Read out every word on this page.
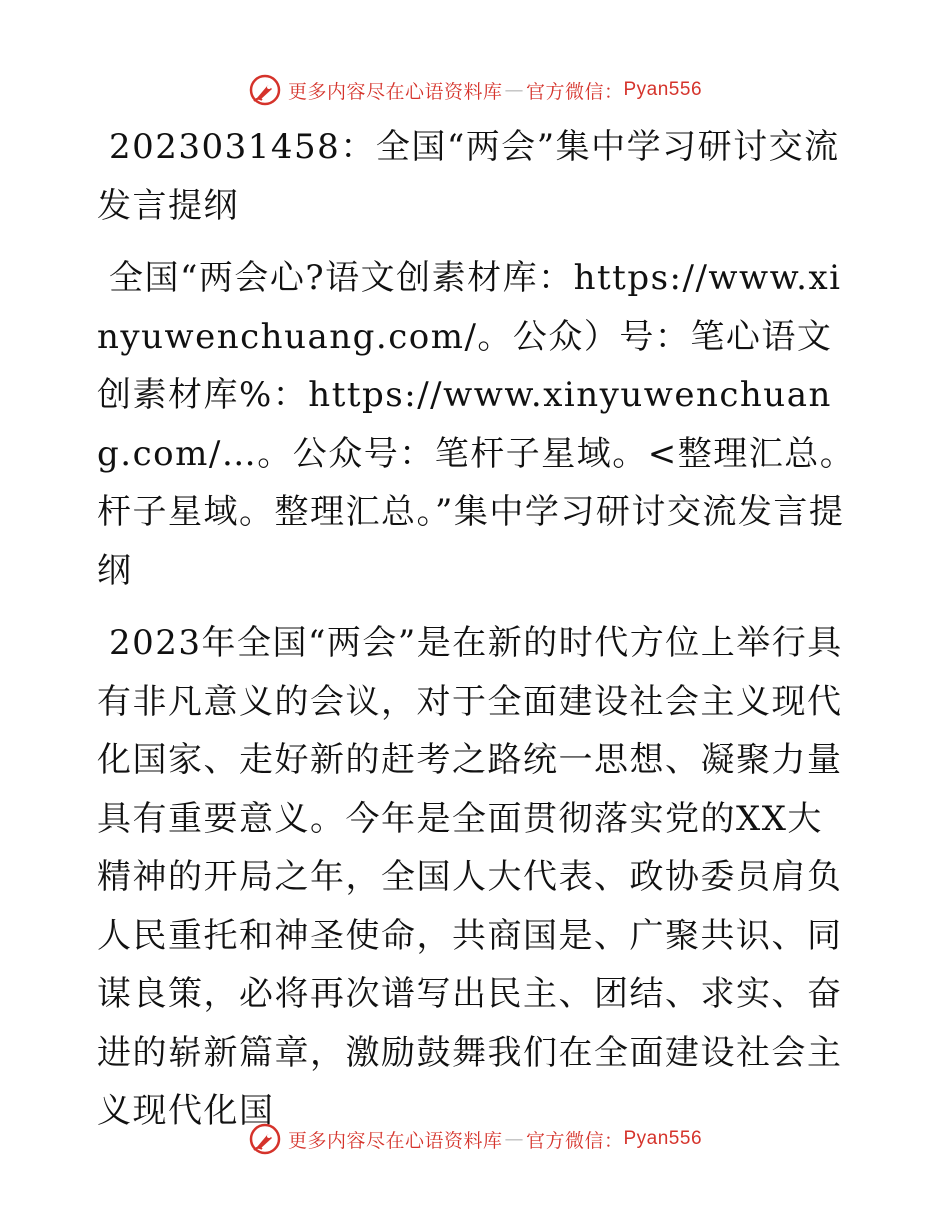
更多内容尽在心语资料库 — 官方微信： Pyan556

2023031458：全国“两会”集中学习研讨交流发言提纲

全国“两会心?语文创素材库：https://www.xinyuwenchuang.com/。公众）号：笔心语文创素材库%：https://www.xinyuwenchuang.com/…。公众号：笔杆子星域。<整理汇总。杆子星域。整理汇总。”集中学习研讨交流发言提纲

2023年全国“两会”是在新的时代方位上举行具有非凡意义的会议，对于全面建设社会主义现代化国家、走好新的赶考之路统一思想、凝聚力量具有重要意义。今年是全面贯彻落实党的XX大精神的开局之年，全国人大代表、政协委员肩负人民重托和神圣使命，共商国是、广聚共识、同谋良策，必将再次谱写出民主、团结、求实、奋进的崭新篇章，激励鼓舞我们在全面建设社会主义现代化国

更多内容尽在心语资料库 — 官方微信： Pyan556
